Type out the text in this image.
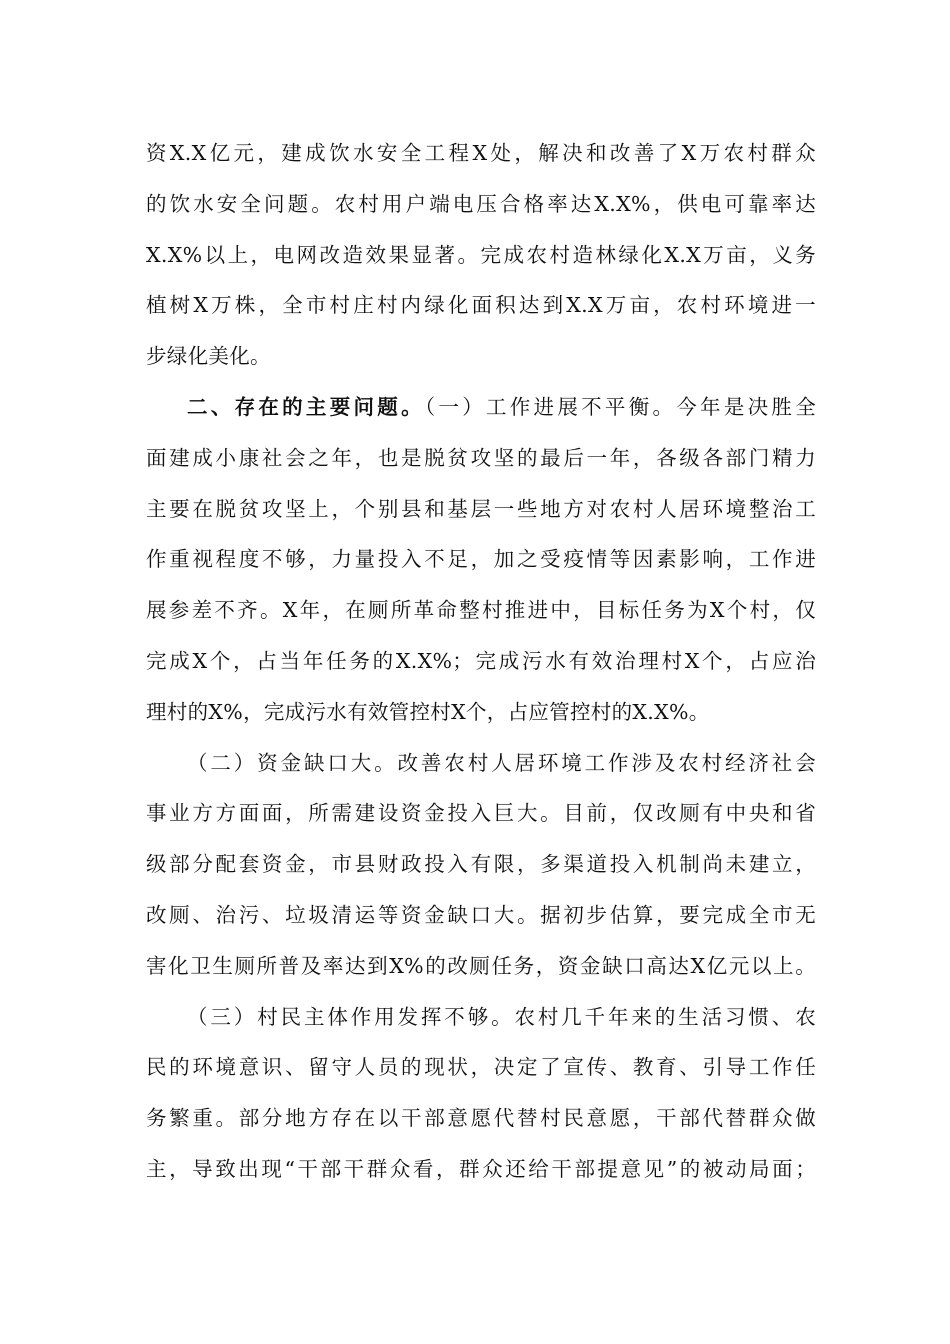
资X.X亿元，建成饮水安全工程X处，解决和改善了X万农村群众
的饮水安全问题。农村用户端电压合格率达X.X%，供电可靠率达
X.X%以上，电网改造效果显著。完成农村造林绿化X.X万亩，义务
植树X万株，全市村庄村内绿化面积达到X.X万亩，农村环境进一
步绿化美化。
二、存在的主要问题。（一）工作进展不平衡。今年是决胜全
面建成小康社会之年，也是脱贫攻坚的最后一年，各级各部门精力
主要在脱贫攻坚上，个别县和基层一些地方对农村人居环境整治工
作重视程度不够，力量投入不足，加之受疫情等因素影响，工作进
展参差不齐。X年，在厕所革命整村推进中，目标任务为X个村，仅
完成X个，占当年任务的X.X%；完成污水有效治理村X个，占应治
理村的X%，完成污水有效管控村X个，占应管控村的X.X%。
（二）资金缺口大。改善农村人居环境工作涉及农村经济社会
事业方方面面，所需建设资金投入巨大。目前，仅改厕有中央和省
级部分配套资金，市县财政投入有限，多渠道投入机制尚未建立，
改厕、治污、垃圾清运等资金缺口大。据初步估算，要完成全市无
害化卫生厕所普及率达到X%的改厕任务，资金缺口高达X亿元以上。
（三）村民主体作用发挥不够。农村几千年来的生活习惯、农
民的环境意识、留守人员的现状，决定了宣传、教育、引导工作任
务繁重。部分地方存在以干部意愿代替村民意愿，干部代替群众做
主，导致出现“干部干群众看，群众还给干部提意见”的被动局面；
